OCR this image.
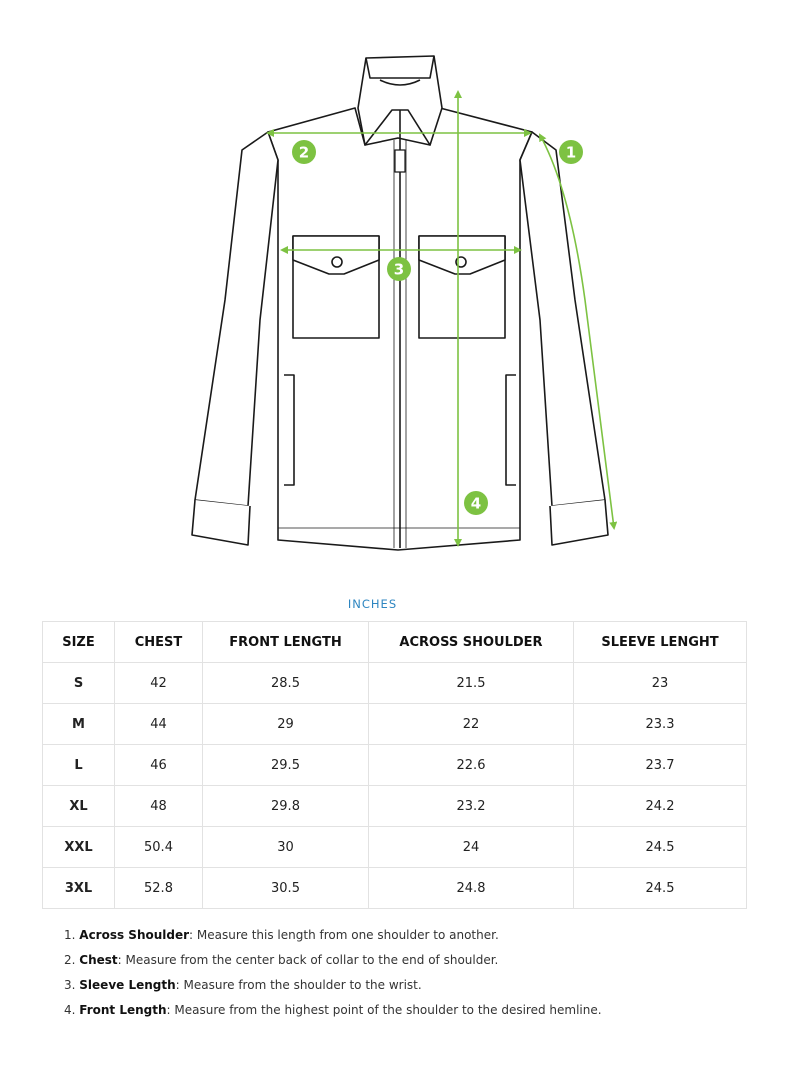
1
2
3
4
INCHES
SIZE	CHEST	FRONT LENGTH	ACROSS SHOULDER	SLEEVE LENGHT
S	42	28.5	21.5	23
M	44	29	22	23.3
L	46	29.5	22.6	23.7
XL	48	29.8	23.2	24.2
XXL	50.4	30	24	24.5
3XL	52.8	30.5	24.8	24.5
1. Across Shoulder: Measure this length from one shoulder to another.
2. Chest: Measure from the center back of collar to the end of shoulder.
3. Sleeve Length: Measure from the shoulder to the wrist.
4. Front Length: Measure from the highest point of the shoulder to the desired hemline.
